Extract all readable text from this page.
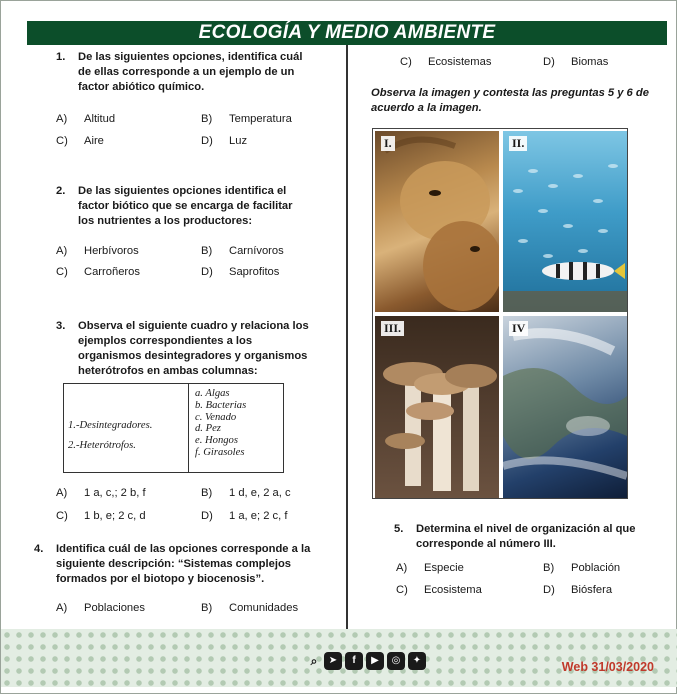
ECOLOGÍA Y MEDIO AMBIENTE
1. De las siguientes opciones, identifica cuál
de ellas corresponde a un ejemplo de un
factor abiótico químico.
A) Altitud	B) Temperatura
C) Aire	D) Luz
2. De las siguientes opciones identifica el
factor biótico que se encarga de facilitar
los nutrientes a los productores:
A) Herbívoros	B) Carnívoros
C) Carroñeros	D) Saprofitos
3. Observa el siguiente cuadro y relaciona los
ejemplos correspondientes a los
organismos desintegradores y organismos
heterótrofos en ambas columnas:
1.-Desintegradores.
2.-Heterótrofos.
a. Algas
b. Bacterias
c. Venado
d. Pez
e. Hongos
f. Girasoles
A) 1 a, c,; 2 b, f	B) 1 d, e, 2 a, c
C) 1 b, e; 2 c, d	D) 1 a, e; 2 c, f
4. Identifica cuál de las opciones corresponde a la
siguiente descripción: “Sistemas complejos
formados por el biotopo y biocenosis”.
A) Poblaciones	B) Comunidades
C) Ecosistemas	D) Biomas
Observa la imagen y contesta las preguntas 5 y 6 de
acuerdo a la imagen.
I.	II.
III.	IV
5. Determina el nivel de organización al que
corresponde al número III.
A) Especie	B) Población
C) Ecosistema	D) Biósfera
⌕	➤	f	▶	◎	✦	Web 31/03/2020
